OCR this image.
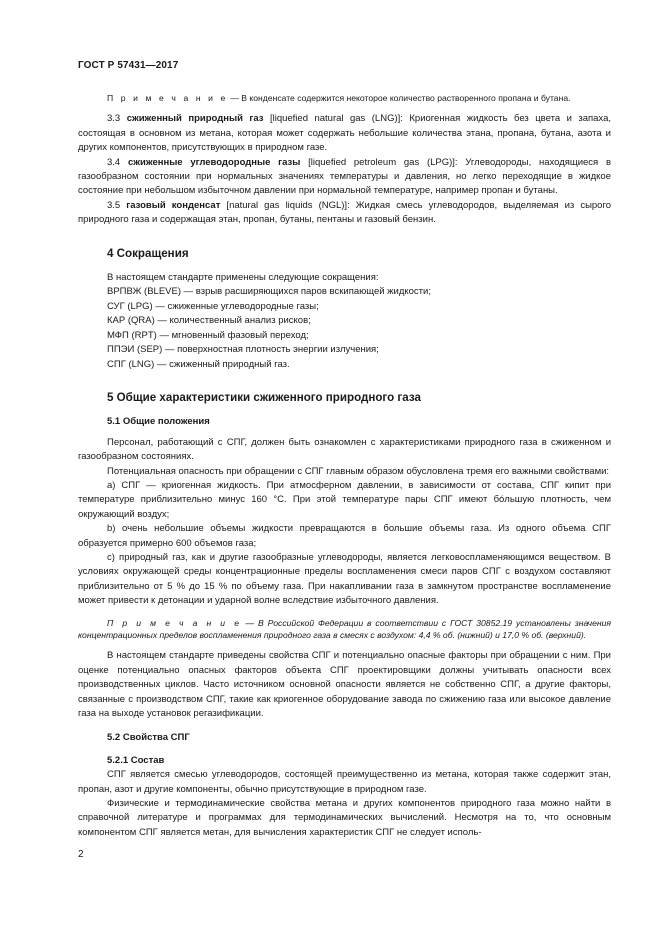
ГОСТ Р 57431—2017

П р и м е ч а н и е — В конденсате содержится некоторое количество растворенного пропана и бутана.

3.3 сжиженный природный газ [liquefied natural gas (LNG)]: Криогенная жидкость без цвета и запаха, состоящая в основном из метана, которая может содержать небольшие количества этана, пропана, бутана, азота и других компонентов, присутствующих в природном газе.

3.4 сжиженные углеводородные газы [liquefied petroleum gas (LPG)]: Углеводороды, находящиеся в газообразном состоянии при нормальных значениях температуры и давления, но легко переходящие в жидкое состояние при небольшом избыточном давлении при нормальной температуре, например пропан и бутаны.

3.5 газовый конденсат [natural gas liquids (NGL)]: Жидкая смесь углеводородов, выделяемая из сырого природного газа и содержащая этан, пропан, бутаны, пентаны и газовый бензин.

4 Сокращения

В настоящем стандарте применены следующие сокращения:

ВРПВЖ (BLEVE) — взрыв расширяющихся паров вскипающей жидкости;

СУГ (LPG) — сжиженные углеводородные газы;

КАР (QRA) — количественный анализ рисков;

МФП (RPT) — мгновенный фазовый переход;

ППЭИ (SEP) — поверхностная плотность энергии излучения;

СПГ (LNG) — сжиженный природный газ.

5 Общие характеристики сжиженного природного газа

5.1 Общие положения

Персонал, работающий с СПГ, должен быть ознакомлен с характеристиками природного газа в сжиженном и газообразном состояниях.

Потенциальная опасность при обращении с СПГ главным образом обусловлена тремя его важными свойствами:

а) СПГ — криогенная жидкость. При атмосферном давлении, в зависимости от состава, СПГ кипит при температуре приблизительно минус 160 °C. При этой температуре пары СПГ имеют бóльшую плотность, чем окружающий воздух;

b) очень небольшие объемы жидкости превращаются в большие объемы газа. Из одного объема СПГ образуется примерно 600 объемов газа;

с) природный газ, как и другие газообразные углеводороды, является легковоспламеняющимся веществом. В условиях окружающей среды концентрационные пределы воспламенения смеси паров СПГ с воздухом составляют приблизительно от 5 % до 15 % по объему газа. При накапливании газа в замкнутом пространстве воспламенение может привести к детонации и ударной волне вследствие избыточного давления.

П р и м е ч а н и е — В Российской Федерации в соответствии с ГОСТ 30852.19 установлены значения концентрационных пределов воспламенения природного газа в смесях с воздухом: 4,4 % об. (нижний) и 17,0 % об. (верхний).

В настоящем стандарте приведены свойства СПГ и потенциально опасные факторы при обращении с ним. При оценке потенциально опасных факторов объекта СПГ проектировщики должны учитывать опасности всех производственных циклов. Часто источником основной опасности является не собственно СПГ, а другие факторы, связанные с производством СПГ, такие как криогенное оборудование завода по сжижению газа или высокое давление газа на выходе установок регазификации.

5.2 Свойства СПГ

5.2.1 Состав

СПГ является смесью углеводородов, состоящей преимущественно из метана, которая также содержит этан, пропан, азот и другие компоненты, обычно присутствующие в природном газе.

Физические и термодинамические свойства метана и других компонентов природного газа можно найти в справочной литературе и программах для термодинамических вычислений. Несмотря на то, что основным компонентом СПГ является метан, для вычисления характеристик СПГ не следует исполь-

2
